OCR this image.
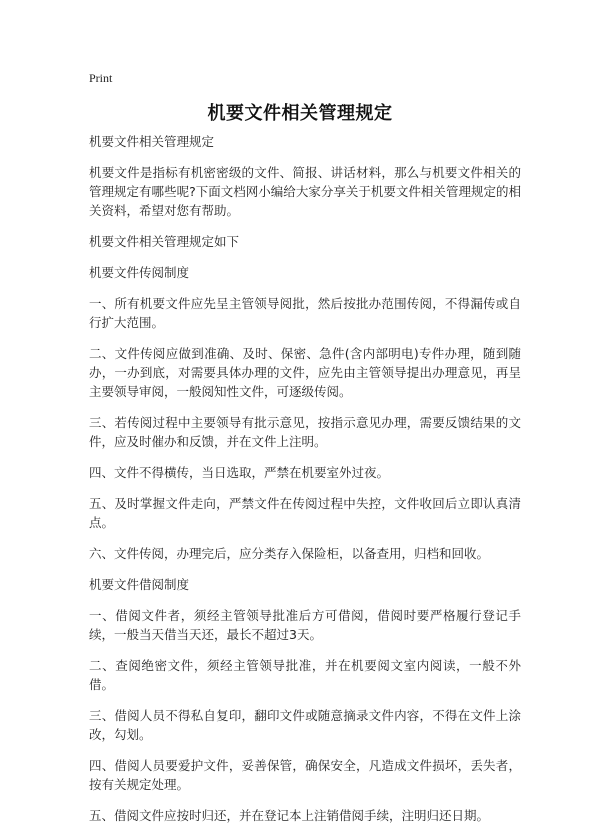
Print
机要文件相关管理规定

机要文件相关管理规定

机要文件是指标有机密密级的文件、简报、讲话材料，那么与机要文件相关的管理规定有哪些呢?下面文档网小编给大家分享关于机要文件相关管理规定的相关资料，希望对您有帮助。

机要文件相关管理规定如下

机要文件传阅制度

一、所有机要文件应先呈主管领导阅批，然后按批办范围传阅，不得漏传或自行扩大范围。

二、文件传阅应做到准确、及时、保密、急件(含内部明电)专件办理，随到随办，一办到底，对需要具体办理的文件，应先由主管领导提出办理意见，再呈主要领导审阅，一般阅知性文件，可逐级传阅。

三、若传阅过程中主要领导有批示意见，按指示意见办理，需要反馈结果的文件，应及时催办和反馈，并在文件上注明。

四、文件不得横传，当日选取，严禁在机要室外过夜。

五、及时掌握文件走向，严禁文件在传阅过程中失控，文件收回后立即认真清点。

六、文件传阅，办理完后，应分类存入保险柜，以备查用，归档和回收。

机要文件借阅制度

一、借阅文件者，须经主管领导批准后方可借阅，借阅时要严格履行登记手续，一般当天借当天还，最长不超过3天。

二、查阅绝密文件，须经主管领导批准，并在机要阅文室内阅读，一般不外借。

三、借阅人员不得私自复印，翻印文件或随意摘录文件内容，不得在文件上涂改，勾划。

四、借阅人员要爱护文件，妥善保管，确保安全，凡造成文件损坏，丢失者，按有关规定处理。

五、借阅文件应按时归还，并在登记本上注销借阅手续，注明归还日期。
